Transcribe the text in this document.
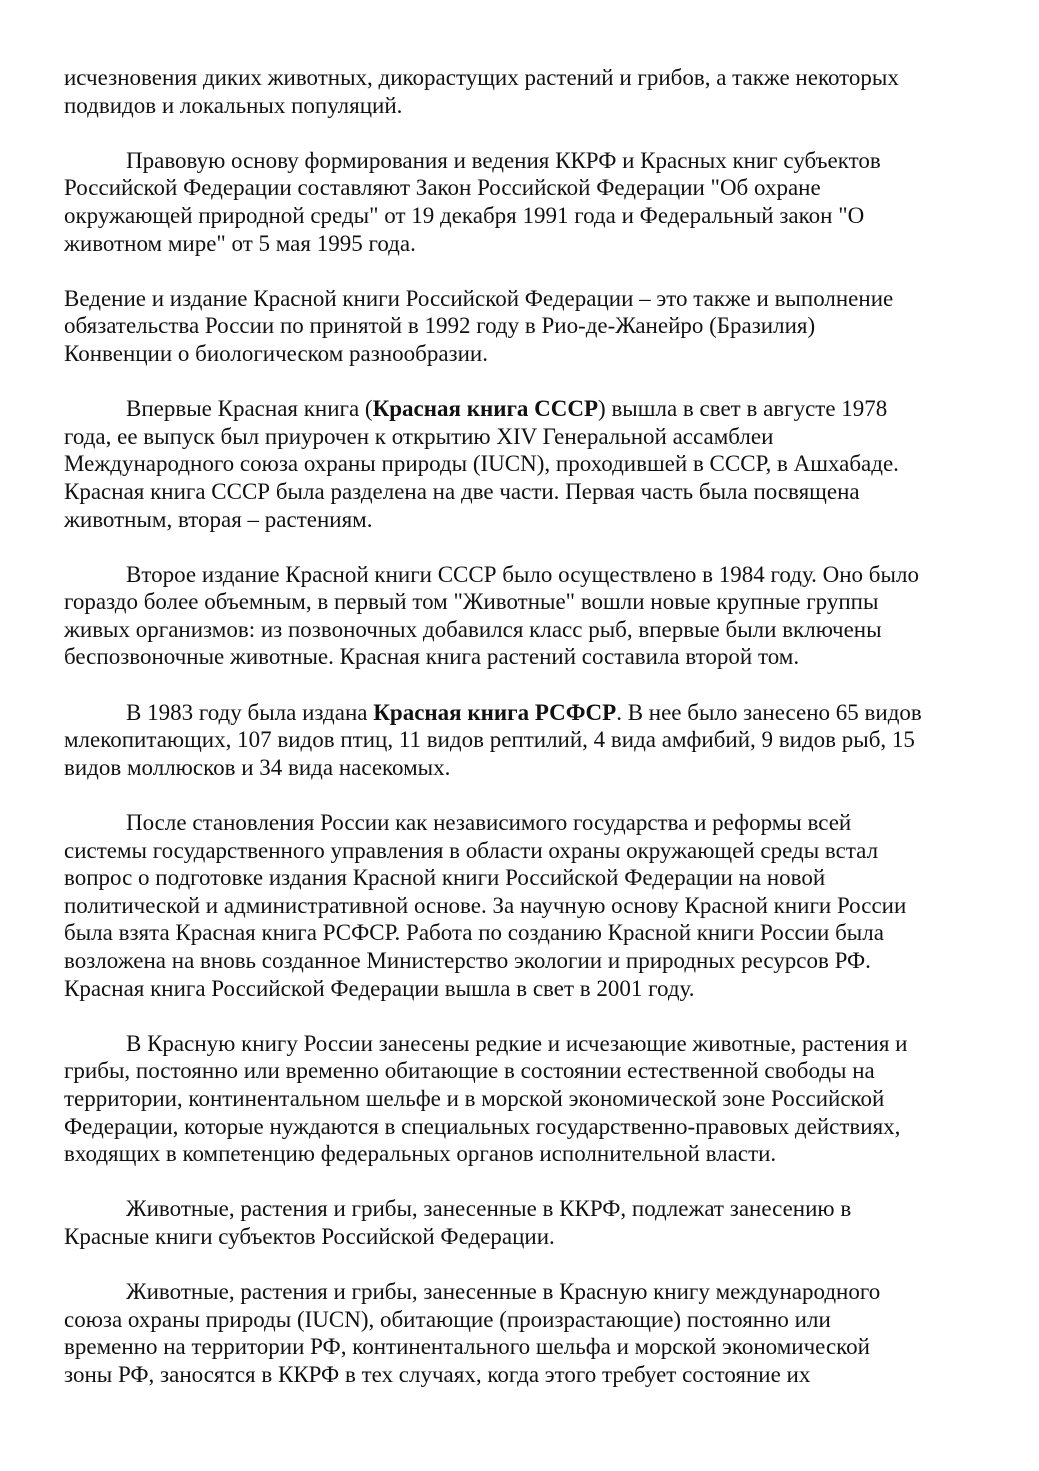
исчезновения диких животных, дикорастущих растений и грибов, а также некоторых
подвидов и локальных популяций.

Правовую основу формирования и ведения ККРФ и Красных книг субъектов
Российской Федерации составляют Закон Российской Федерации "Об охране
окружающей природной среды" от 19 декабря 1991 года и Федеральный закон "О
животном мире" от 5 мая 1995 года.

Ведение и издание Красной книги Российской Федерации – это также и выполнение
обязательства России по принятой в 1992 году в Рио-де-Жанейро (Бразилия)
Конвенции о биологическом разнообразии.

Впервые Красная книга (Красная книга СССР) вышла в свет в августе 1978
года, ее выпуск был приурочен к открытию XIV Генеральной ассамблеи
Международного союза охраны природы (IUCN), проходившей в СССР, в Ашхабаде.
Красная книга СССР была разделена на две части. Первая часть была посвящена
животным, вторая – растениям.

Второе издание Красной книги СССР было осуществлено в 1984 году. Оно было
гораздо более объемным, в первый том "Животные" вошли новые крупные группы
живых организмов: из позвоночных добавился класс рыб, впервые были включены
беспозвоночные животные. Красная книга растений составила второй том.

В 1983 году была издана Красная книга РСФСР. В нее было занесено 65 видов
млекопитающих, 107 видов птиц, 11 видов рептилий, 4 вида амфибий, 9 видов рыб, 15
видов моллюсков и 34 вида насекомых.

После становления России как независимого государства и реформы всей
системы государственного управления в области охраны окружающей среды встал
вопрос о подготовке издания Красной книги Российской Федерации на новой
политической и административной основе. За научную основу Красной книги России
была взята Красная книга РСФСР. Работа по созданию Красной книги России была
возложена на вновь созданное Министерство экологии и природных ресурсов РФ.
Красная книга Российской Федерации вышла в свет в 2001 году.

В Красную книгу России занесены редкие и исчезающие животные, растения и
грибы, постоянно или временно обитающие в состоянии естественной свободы на
территории, континентальном шельфе и в морской экономической зоне Российской
Федерации, которые нуждаются в специальных государственно-правовых действиях,
входящих в компетенцию федеральных органов исполнительной власти.

Животные, растения и грибы, занесенные в ККРФ, подлежат занесению в
Красные книги субъектов Российской Федерации.

Животные, растения и грибы, занесенные в Красную книгу международного
союза охраны природы (IUCN), обитающие (произрастающие) постоянно или
временно на территории РФ, континентального шельфа и морской экономической
зоны РФ, заносятся в ККРФ в тех случаях, когда этого требует состояние их
